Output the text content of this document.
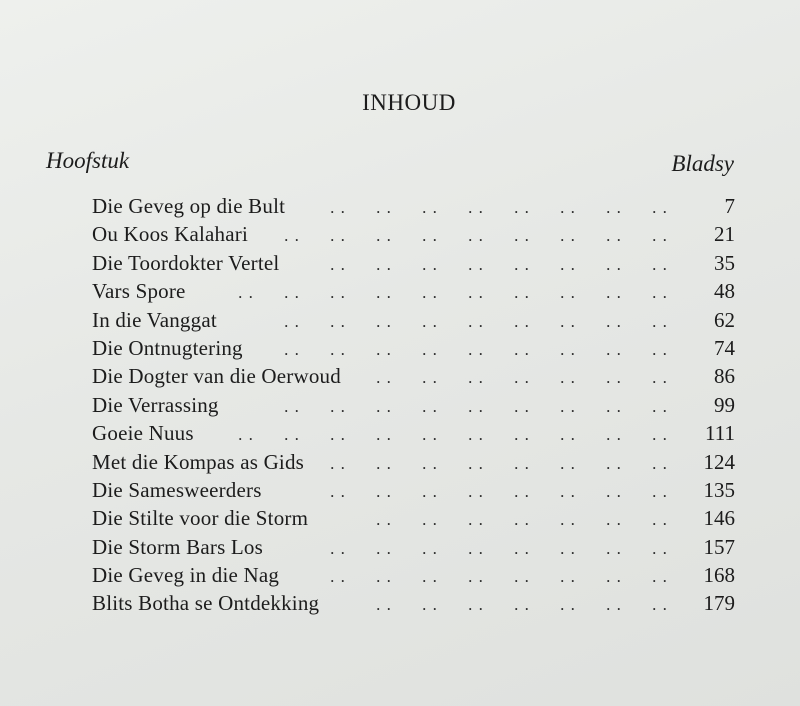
INHOUD
Hoofstuk	Bladsy
Die Geveg op die Bult	. . . . . . . . . . . . . . . .	7
Ou Koos Kalahari	. . . . . . . . . . . . . . . . . .	21
Die Toordokter Vertel	. . . . . . . . . . . . . . . .	35
Vars Spore	. . . . . . . . . . . . . . . . . . . .	48
In die Vanggat	. . . . . . . . . . . . . . . . . .	62
Die Ontnugtering	. . . . . . . . . . . . . . . . . .	74
Die Dogter van die Oerwoud	. . . . . . . . . . . . . .	86
Die Verrassing	. . . . . . . . . . . . . . . . . .	99
Goeie Nuus	. . . . . . . . . . . . . . . . . . . .	111
Met die Kompas as Gids	. . . . . . . . . . . . . . . .	124
Die Samesweerders	. . . . . . . . . . . . . . . .	135
Die Stilte voor die Storm	. . . . . . . . . . . . . .	146
Die Storm Bars Los	. . . . . . . . . . . . . . . .	157
Die Geveg in die Nag	. . . . . . . . . . . . . . . .	168
Blits Botha se Ontdekking	. . . . . . . . . . . . . .	179
